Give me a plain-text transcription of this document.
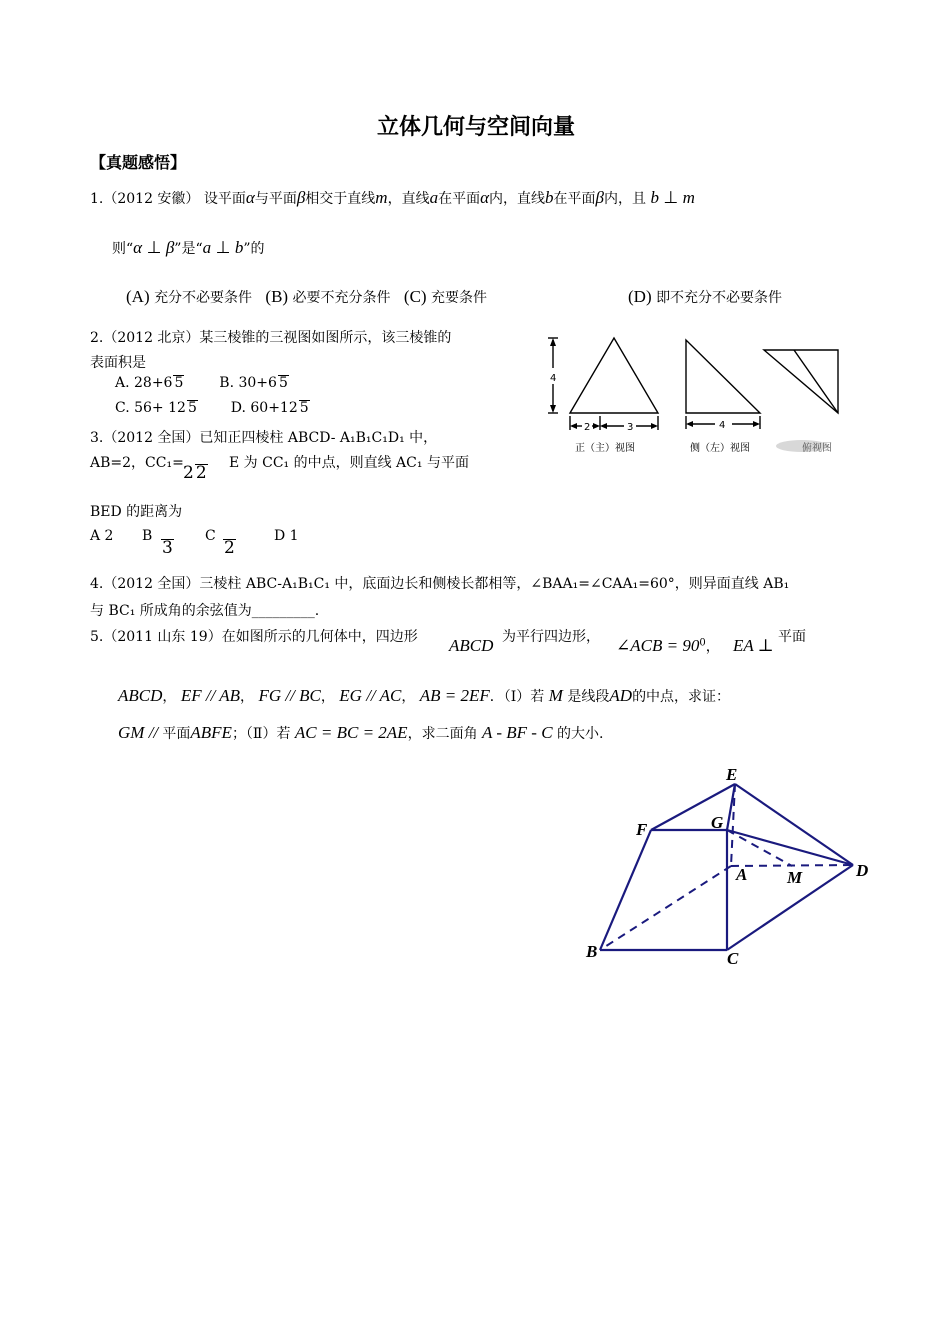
立体几何与空间向量
【真题感悟】
1.（2012 安徽） 设平面α与平面β相交于直线m，直线a在平面α内，直线b在平面β内，且 b ⊥ m
则“α ⊥ β”是“a ⊥ b”的
(A) 充分不必要条件 (B) 必要不充分条件 (C) 充要条件	(D) 即不充分不必要条件
2.（2012 北京）某三棱锥的三视图如图所示，该三棱锥的
表面积是
A. 28+6 5	B. 30+6 5
C. 56+ 12 5 D. 60+12 5
4
2	3	4
正（主）视图	侧（左）视图	俯视图
3.（2012 全国）已知正四棱柱 ABCD- A₁B₁C₁D₁ 中，
AB=2，CC₁= 2 2 E 为 CC₁ 的中点，则直线 AC₁ 与平面
BED 的距离为
A 2 B
3
C
2
D 1
4.（2012 全国）三棱柱 ABC-A₁B₁C₁ 中，底面边长和侧棱长都相等，∠BAA₁=∠CAA₁=60°，则异面直线 AB₁
与 BC₁ 所成角的余弦值为_________.
5.（2011 山东 19）在如图所示的几何体中，四边形 ABCD 为平行四边形， ∠ACB = $90^0$， EA ⊥ 平面
ABCD， EF // AB， FG // BC， EG // AC， AB = 2EF．（Ⅰ）若 M 是线段AD的中点，求证：
GM // 平面ABFE；（Ⅱ）若 AC = BC = 2AE，求二面角 A - BF - C 的大小.
E
F	G
A M	D
B	C
